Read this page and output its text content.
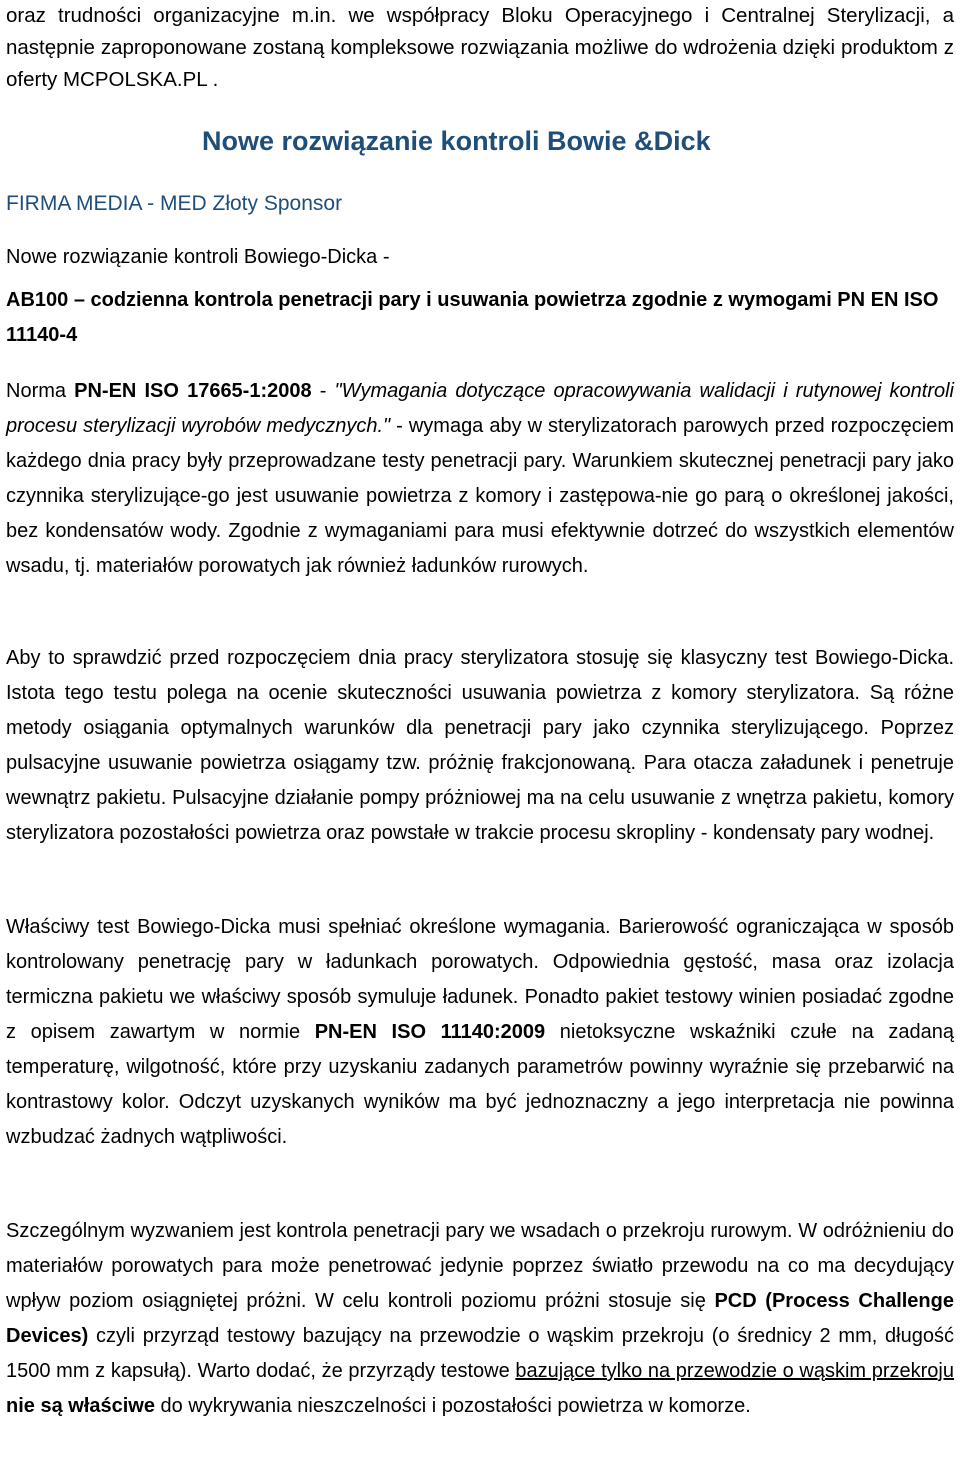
oraz trudności organizacyjne m.in. we współpracy Bloku Operacyjnego i Centralnej Sterylizacji, a następnie zaproponowane zostaną kompleksowe rozwiązania możliwe do wdrożenia dzięki produktom z oferty MCPOLSKA.PL .

Nowe rozwiązanie kontroli Bowie &Dick

FIRMA MEDIA - MED Złoty Sponsor

Nowe rozwiązanie kontroli Bowiego-Dicka -

AB100 – codzienna kontrola penetracji pary i usuwania powietrza zgodnie z wymogami PN EN ISO 11140-4

Norma PN-EN ISO 17665-1:2008 - "Wymagania dotyczące opracowywania walidacji i rutynowej kontroli procesu sterylizacji wyrobów medycznych." - wymaga aby w sterylizatorach parowych przed rozpoczęciem każdego dnia pracy były przeprowadzane testy penetracji pary. Warunkiem skutecznej penetracji pary jako czynnika sterylizujące-go jest usuwanie powietrza z komory i zastępowa-nie go parą o określonej jakości, bez kondensatów wody. Zgodnie z wymaganiami para musi efektywnie dotrzeć do wszystkich elementów wsadu, tj. materiałów porowatych jak również ładunków rurowych.

Aby to sprawdzić przed rozpoczęciem dnia pracy sterylizatora stosuję się klasyczny test Bowiego-Dicka. Istota tego testu polega na ocenie skuteczności usuwania powietrza z komory sterylizatora. Są różne metody osiągania optymalnych warunków dla penetracji pary jako czynnika sterylizującego. Poprzez pulsacyjne usuwanie powietrza osiągamy tzw. próżnię frakcjonowaną. Para otacza załadunek i penetruje wewnątrz pakietu. Pulsacyjne działanie pompy próżniowej ma na celu usuwanie z wnętrza pakietu, komory sterylizatora pozostałości powietrza oraz powstałe w trakcie procesu skropliny - kondensaty pary wodnej.

Właściwy test Bowiego-Dicka musi spełniać określone wymagania. Barierowość ograniczająca w sposób kontrolowany penetrację pary w ładunkach porowatych. Odpowiednia gęstość, masa oraz izolacja termiczna pakietu we właściwy sposób symuluje ładunek. Ponadto pakiet testowy winien posiadać zgodne z opisem zawartym w normie PN-EN ISO 11140:2009 nietoksyczne wskaźniki czułe na zadaną temperaturę, wilgotność, które przy uzyskaniu zadanych parametrów powinny wyraźnie się przebarwić na kontrastowy kolor. Odczyt uzyskanych wyników ma być jednoznaczny a jego interpretacja nie powinna wzbudzać żadnych wątpliwości.

Szczególnym wyzwaniem jest kontrola penetracji pary we wsadach o przekroju rurowym. W odróżnieniu do materiałów porowatych para może penetrować jedynie poprzez światło przewodu na co ma decydujący wpływ poziom osiągniętej próżni. W celu kontroli poziomu próżni stosuje się PCD (Process Challenge Devices) czyli przyrząd testowy bazujący na przewodzie o wąskim przekroju (o średnicy 2 mm, długość 1500 mm z kapsułą). Warto dodać, że przyrządy testowe bazujące tylko na przewodzie o wąskim przekroju nie są właściwe do wykrywania nieszczelności i pozostałości powietrza w komorze.
